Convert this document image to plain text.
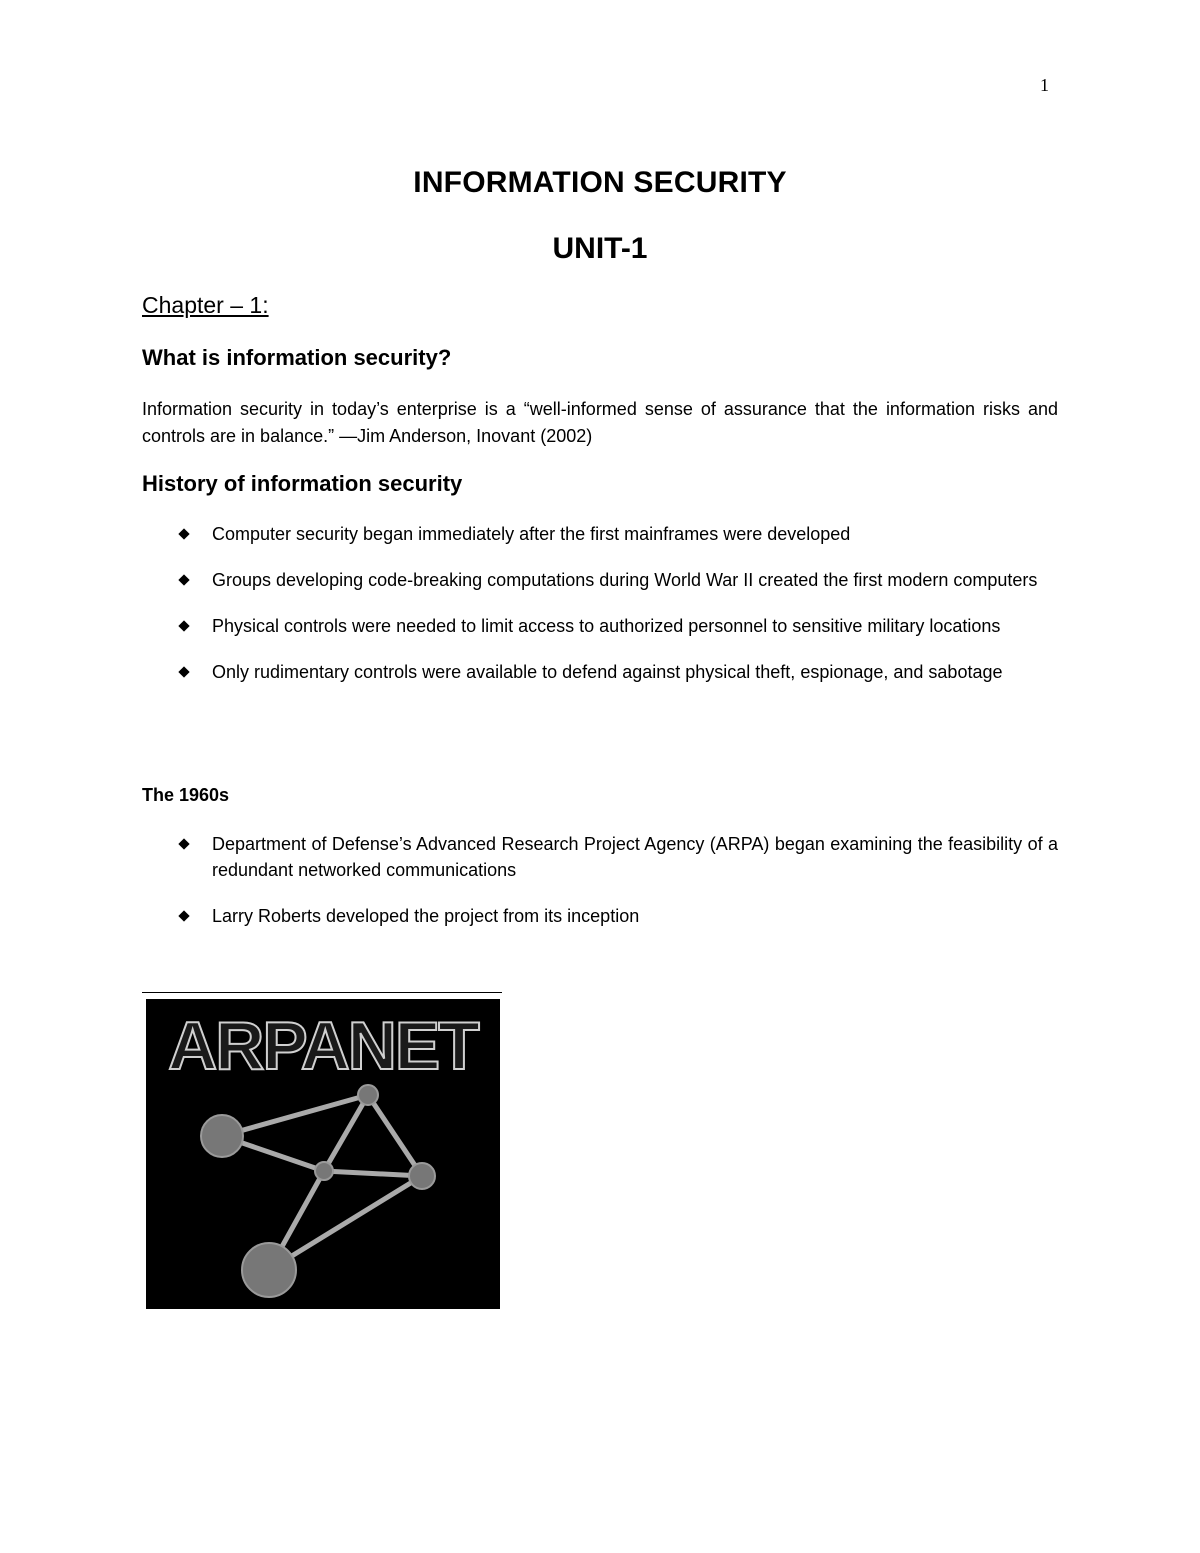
1
INFORMATION SECURITY
UNIT-1
Chapter – 1:
What is information security?
Information security in today’s enterprise is a “well-informed sense of assurance that the information risks and controls are in balance.” —Jim Anderson, Inovant (2002)
History of information security
Computer security began immediately after the first mainframes were developed
Groups developing code-breaking computations during World War II created the first modern computers
Physical controls were needed to limit access to authorized personnel to sensitive military locations
Only rudimentary controls were available to defend against physical theft, espionage, and sabotage
The 1960s
Department of Defense’s Advanced Research Project Agency (ARPA) began examining the feasibility of a redundant networked communications
Larry Roberts developed the project from its inception
ARPANET
